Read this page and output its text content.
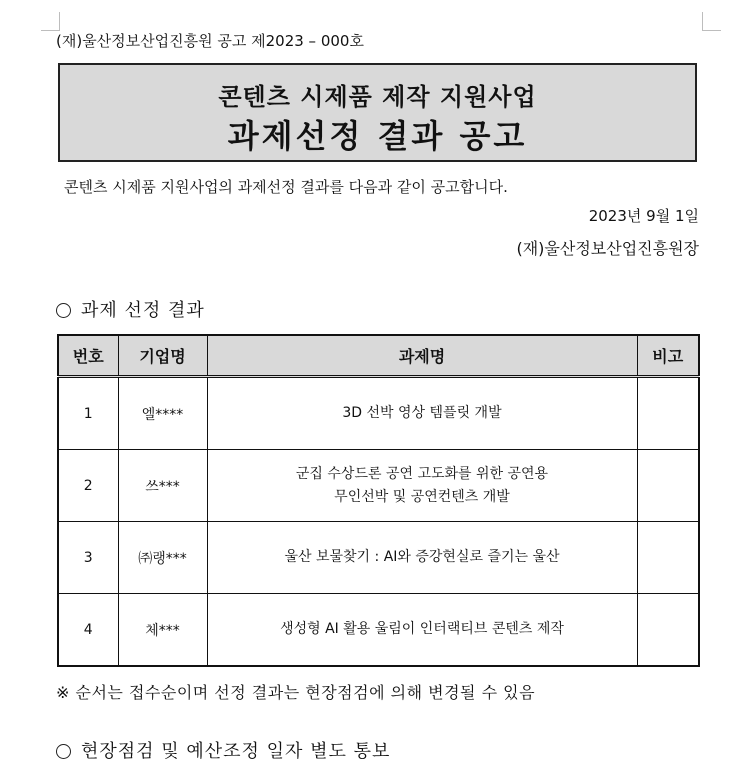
(재)울산정보산업진흥원 공고 제2023 – 000호
콘텐츠 시제품 제작 지원사업
과제선정 결과 공고
콘텐츠 시제품 지원사업의 과제선정 결과를 다음과 같이 공고합니다.
2023년 9월 1일
(재)울산정보산업진흥원장
과제 선정 결과
번호	기업명	과제명	비고
1	엘****	3D 선박 영상 템플릿 개발	
2	쓰***	군집 수상드론 공연 고도화를 위한 공연용
무인선박 및 공연컨텐츠 개발	

3	㈜랭***	울산 보물찾기 : AI와 증강현실로 즐기는 울산	
4	체***	생성형 AI 활용 울림이 인터랙티브 콘텐츠 제작	
※ 순서는 접수순이며 선정 결과는 현장점검에 의해 변경될 수 있음
현장점검 및 예산조정 일자 별도 통보
